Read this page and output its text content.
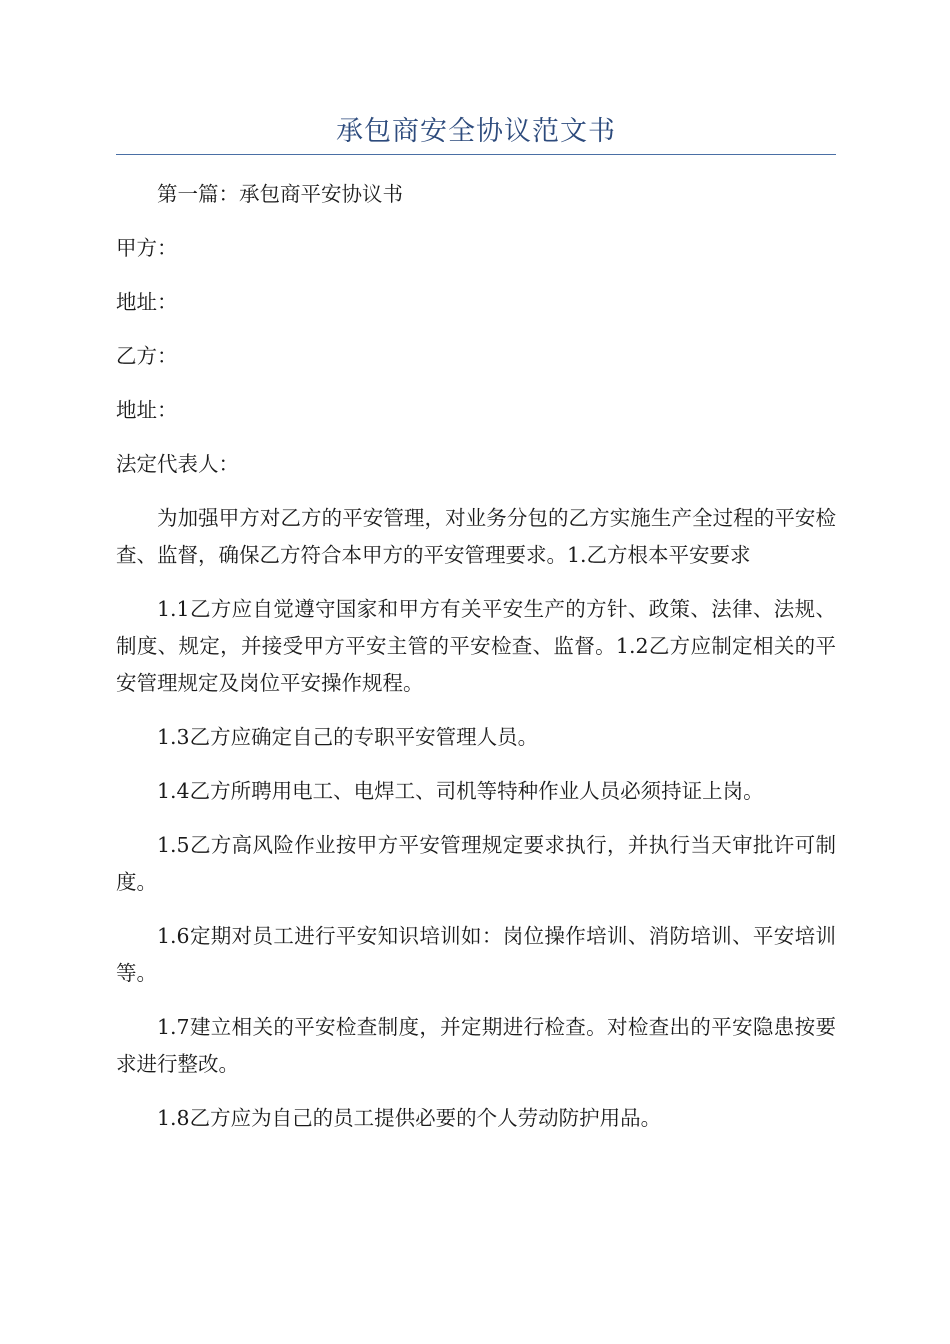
承包商安全协议范文书

第一篇：承包商平安协议书

甲方：

地址：

乙方：

地址：

法定代表人：

为加强甲方对乙方的平安管理，对业务分包的乙方实施生产全过程的平安检查、监督，确保乙方符合本甲方的平安管理要求。1.乙方根本平安要求

1.1乙方应自觉遵守国家和甲方有关平安生产的方针、政策、法律、法规、制度、规定，并接受甲方平安主管的平安检查、监督。1.2乙方应制定相关的平安管理规定及岗位平安操作规程。

1.3乙方应确定自己的专职平安管理人员。

1.4乙方所聘用电工、电焊工、司机等特种作业人员必须持证上岗。

1.5乙方高风险作业按甲方平安管理规定要求执行，并执行当天审批许可制度。

1.6定期对员工进行平安知识培训如：岗位操作培训、消防培训、平安培训等。

1.7建立相关的平安检查制度，并定期进行检查。对检查出的平安隐患按要求进行整改。

1.8乙方应为自己的员工提供必要的个人劳动防护用品。
